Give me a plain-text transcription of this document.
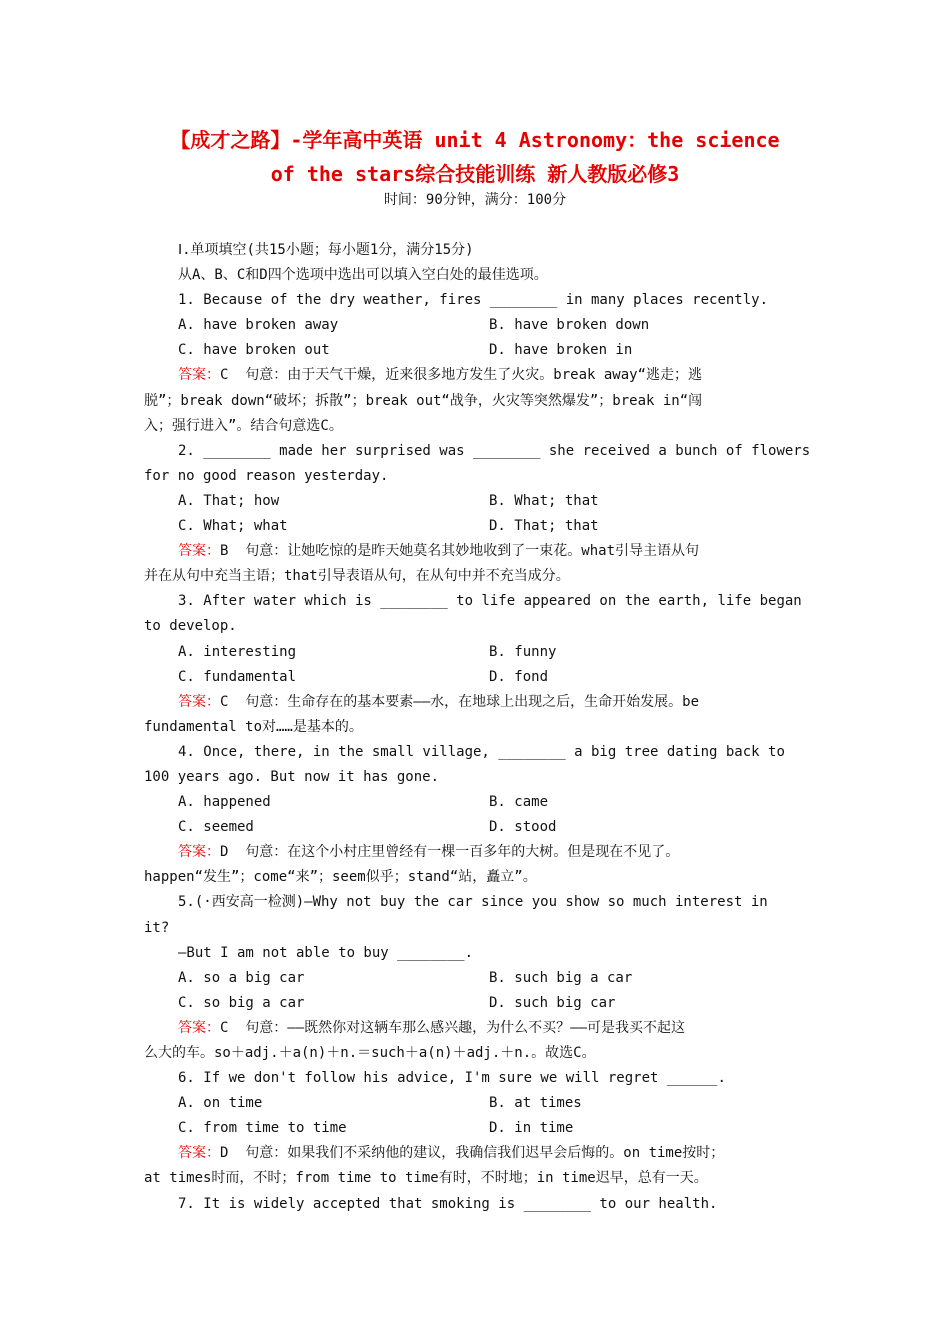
【成才之路】-学年高中英语 unit 4 Astronomy：the science
of the stars综合技能训练 新人教版必修3
时间：90分钟，满分：100分
Ⅰ.单项填空(共15小题；每小题1分，满分15分)
从A、B、C和D四个选项中选出可以填入空白处的最佳选项。
1. Because of the dry weather, fires ________ in many places recently.
A. have broken away	B. have broken down
C. have broken out	D. have broken in
答案：C  句意：由于天气干燥，近来很多地方发生了火灾。break away“逃走；逃
脱”；break down“破坏；拆散”；break out“战争，火灾等突然爆发”；break in“闯
入；强行进入”。结合句意选C。
2. ________ made her surprised was ________ she received a bunch of flowers
for no good reason yesterday.
A. That; how	B. What; that
C. What; what	D. That; that
答案：B  句意：让她吃惊的是昨天她莫名其妙地收到了一束花。what引导主语从句
并在从句中充当主语；that引导表语从句，在从句中并不充当成分。
3. After water which is ________ to life appeared on the earth, life began
to develop.
A. interesting	B. funny
C. fundamental	D. fond
答案：C  句意：生命存在的基本要素——水，在地球上出现之后，生命开始发展。be
fundamental to对……是基本的。
4. Once, there, in the small village, ________ a big tree dating back to
100 years ago. But now it has gone.
A. happened	B. came
C. seemed	D. stood
答案：D  句意：在这个小村庄里曾经有一棵一百多年的大树。但是现在不见了。
happen“发生”；come“来”；seem似乎；stand“站，矗立”。
5.(·西安高一检测)—Why not buy the car since you show so much interest in
it?
—But I am not able to buy ________.
A. so a big car	B. such big a car
C. so big a car	D. such big car
答案：C  句意：——既然你对这辆车那么感兴趣，为什么不买？——可是我买不起这
么大的车。so＋adj.＋a(n)＋n.＝such＋a(n)＋adj.＋n.。故选C。
6. If we don't follow his advice, I'm sure we will regret ______.
A. on time	B. at times
C. from time to time	D. in time
答案：D  句意：如果我们不采纳他的建议，我确信我们迟早会后悔的。on time按时；
at times时而，不时；from time to time有时，不时地；in time迟早，总有一天。
7. It is widely accepted that smoking is ________ to our health.
